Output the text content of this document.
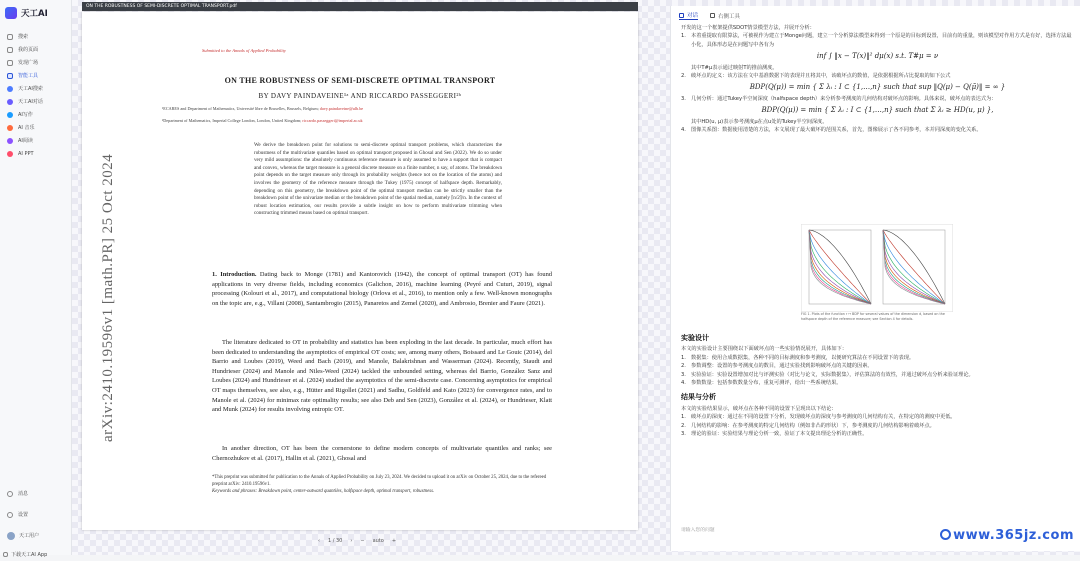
天工AI
搜索
我的页面
发现广场
智能工具
天工AI搜索
天工AI对话
AI写作
AI 音乐
AI阅读
AI PPT
消息
设置
天工用户
下载天工AI App
ON THE ROBUSTNESS OF SEMI-DISCRETE OPTIMAL TRANSPORT.pdf
arXiv:2410.19596v1 [math.PR] 25 Oct 2024
Submitted to the Annals of Applied Probability
ON THE ROBUSTNESS OF SEMI-DISCRETE OPTIMAL TRANSPORT
BY DAVY PAINDAVEINE¹ᵃ AND RICCARDO PASSEGGERI²ᵇ
¹ECARES and Department of Mathematics, Université libre de Bruxelles, Brussels, Belgium; davy.paindaveine@ulb.be
²Department of Mathematics, Imperial College London, London, United Kingdom; riccardo.passeggeri@imperial.ac.uk
We derive the breakdown point for solutions to semi-discrete optimal transport problems, which characterizes the robustness of the multivariate quantiles based on optimal transport proposed in Ghosal and Sen (2022). We do so under very mild assumptions: the absolutely continuous reference measure is only assumed to have a support that is compact and convex, whereas the target measure is a general discrete measure on a finite number, n say, of atoms. The breakdown point depends on the target measure only through its probability weights (hence not on the location of the atoms) and involves the geometry of the reference measure through the Tukey (1975) concept of halfspace depth. Remarkably, depending on this geometry, the breakdown point of the optimal transport median can be strictly smaller than the breakdown point of the univariate median or the breakdown point of the spatial median, namely ⌈n/2⌉/n. In the context of robust location estimation, our results provide a subtle insight on how to perform multivariate trimming when constructing trimmed means based on optimal transport.
1. Introduction. Dating back to Monge (1781) and Kantorovich (1942), the concept of optimal transport (OT) has found applications in very diverse fields, including economics (Galichon, 2016), machine learning (Peyré and Cuturi, 2019), signal processing (Kolouri et al., 2017), and computational biology (Orlova et al., 2016), to mention only a few. Well-known monographs on the topic are, e.g., Villani (2008), Santambrogio (2015), Panaretos and Zemel (2020), and Ambrosio, Brenier and Faure (2021).
The literature dedicated to OT in probability and statistics has been exploding in the last decade. In particular, much effort has been dedicated to understanding the asymptotics of empirical OT costs; see, among many others, Boissard and Le Gouic (2014), del Barrio and Loubes (2019), Weed and Bach (2019), and Manole, Balakrishnan and Wasserman (2024). Recently, Staudt and Hundrieser (2024) and Manole and Niles-Weed (2024) tackled the unbounded setting, whereas del Barrio, González Sanz and Loubes (2024) and Hundrieser et al. (2024) studied the asymptotics of the semi-discrete case. Concerning asymptotics for empirical OT maps themselves, see also, e.g., Hütter and Rigollet (2021) and Sadhu, Goldfeld and Kato (2023) for convergence rates, and to Manole et al. (2024) for minimax rate optimality results; see also Deb and Sen (2023), González et al. (2024), or Hundrieser, Klatt and Munk (2024) for results involving entropic OT.
In another direction, OT has been the cornerstone to define modern concepts of multivariate quantiles and ranks; see Chernozhukov et al. (2017), Hallin et al. (2021), Ghosal and
*This preprint was submitted for publication to the Annals of Applied Probability on July 23, 2024. We decided to upload it on arXiv on October 25, 2024, due to the refereed preprint arXiv: 2410.19596v1.
Keywords and phrases: Breakdown point, center-outward quantiles, halfspace depth, optimal transport, robustness.
‹ 1 / 30 › − auto +
对话	右侧工具

开发的这一个框架提供SDOT情景模型方法，并展开分析：

1. 本着重提取有限算法，可被视作为建立于Monge问题，建立一个分析算法模型来得到一个原是的目标到设置，目前有的重量，则该模型对作用方式是有好，选择方法最小化，具体形态是在问题写中各有为
inf ∫ ‖x − T(x)‖² dμ(x) s.t. T#μ = ν

其中T#μ表示通过映射T的推前测度。

2. 破坏点的定义：该方法在文中基准数据下的表现并且将其中，该破坏点的数值，是依据根据所占比提取的如下公式
BDP(Q(μ)) = min { Σ λᵢ : I ⊂ {1,…,n} such that sup ‖Q(μ) − Q(μ̃)‖ = ∞ }
3. 几何分析：通过Tukey半空间深度（halfspace depth）来分析参考测度的几何结构对破坏点的影响。具体来说，破坏点的表达式为：
BDP(Q(μ)) = min { Σ λᵢ : I ⊂ {1,…,n} such that Σ λᵢ ≥ HD(u, μ) },

其中HD(u, μ)表示参考测度μ在点u处的Tukey半空间深度。

4. 图像关系图：数据使用清楚的方法，本文展现了最大破坏的范围关系，首先，图像展示了各不同参考，本并同深度的变化关系。
FIG 1. Plots of the function r ↦ BDP for several values of the dimension d, based on the halfspace depth of the reference measure; see Section 4 for details.
实验设计

本文的实验设计主要围绕以下面破坏点的一些实验情况展开，具体如下：

1. 数据集：使用合成数据集，各种不同的目标测度和参考测度，以便研究算法在不同设置下的表现。
2. 参数调整：设置的参考测度点的数目，通过实验找到影响破坏点的关键的因素。
3. 实验验证：实验设置增加对比与评测实验（对比与论文，实际数据集），评估算法的有效性，并通过破坏点分析来验证理论。
4. 参数数量：包括参数数量分布，重复可测评，给出一些系统结果。
结果与分析

本文的实验结果显示，破坏点在各种不同的设置下呈现出以下结论：

1. 破坏点的深度：通过在不同的设置下分析，发现破坏点的深度与参考测度的几何结构有关，在特定的的测度中更低。
2. 几何结构的影响：在参考测度的特定几何结构（例如非凸的形状）下，参考测度的几何结构影响着破坏点。
3. 理论的验证：实验结果与理论分析一致，验证了本文提出理论分析的正确性。
请输入您的问题	www.365jz.com
